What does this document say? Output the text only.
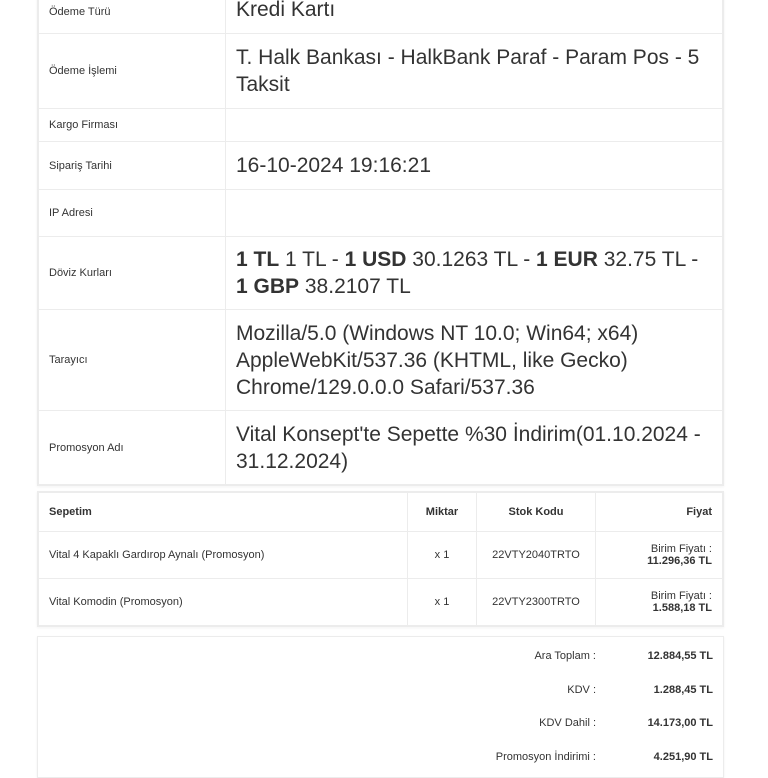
Ödeme Türü	Kredi Kartı
Ödeme İşlemi	T. Halk Bankası - HalkBank Paraf - Param Pos - 5 Taksit
Kargo Firması	
Sipariş Tarihi	16-10-2024 19:16:21
IP Adresi	
Döviz Kurları	1 TL 1 TL - 1 USD 30.1263 TL - 1 EUR 32.75 TL - 1 GBP 38.2107 TL
Tarayıcı	Mozilla/5.0 (Windows NT 10.0; Win64; x64) AppleWebKit/537.36 (KHTML, like Gecko) Chrome/129.0.0.0 Safari/537.36
Promosyon Adı	Vital Konsept'te Sepette %30 İndirim(01.10.2024 - 31.12.2024)
Sepetim	Miktar	Stok Kodu	Fiyat
Vital 4 Kapaklı Gardırop Aynalı (Promosyon)	x 1	22VTY2040TRTO	Birim Fiyatı :
11.296,36 TL

Vital Komodin (Promosyon)	x 1	22VTY2300TRTO	Birim Fiyatı :
1.588,18 TL
Ara Toplam :	12.884,55 TL
KDV :	1.288,45 TL
KDV Dahil :	14.173,00 TL
Promosyon İndirimi :	4.251,90 TL
